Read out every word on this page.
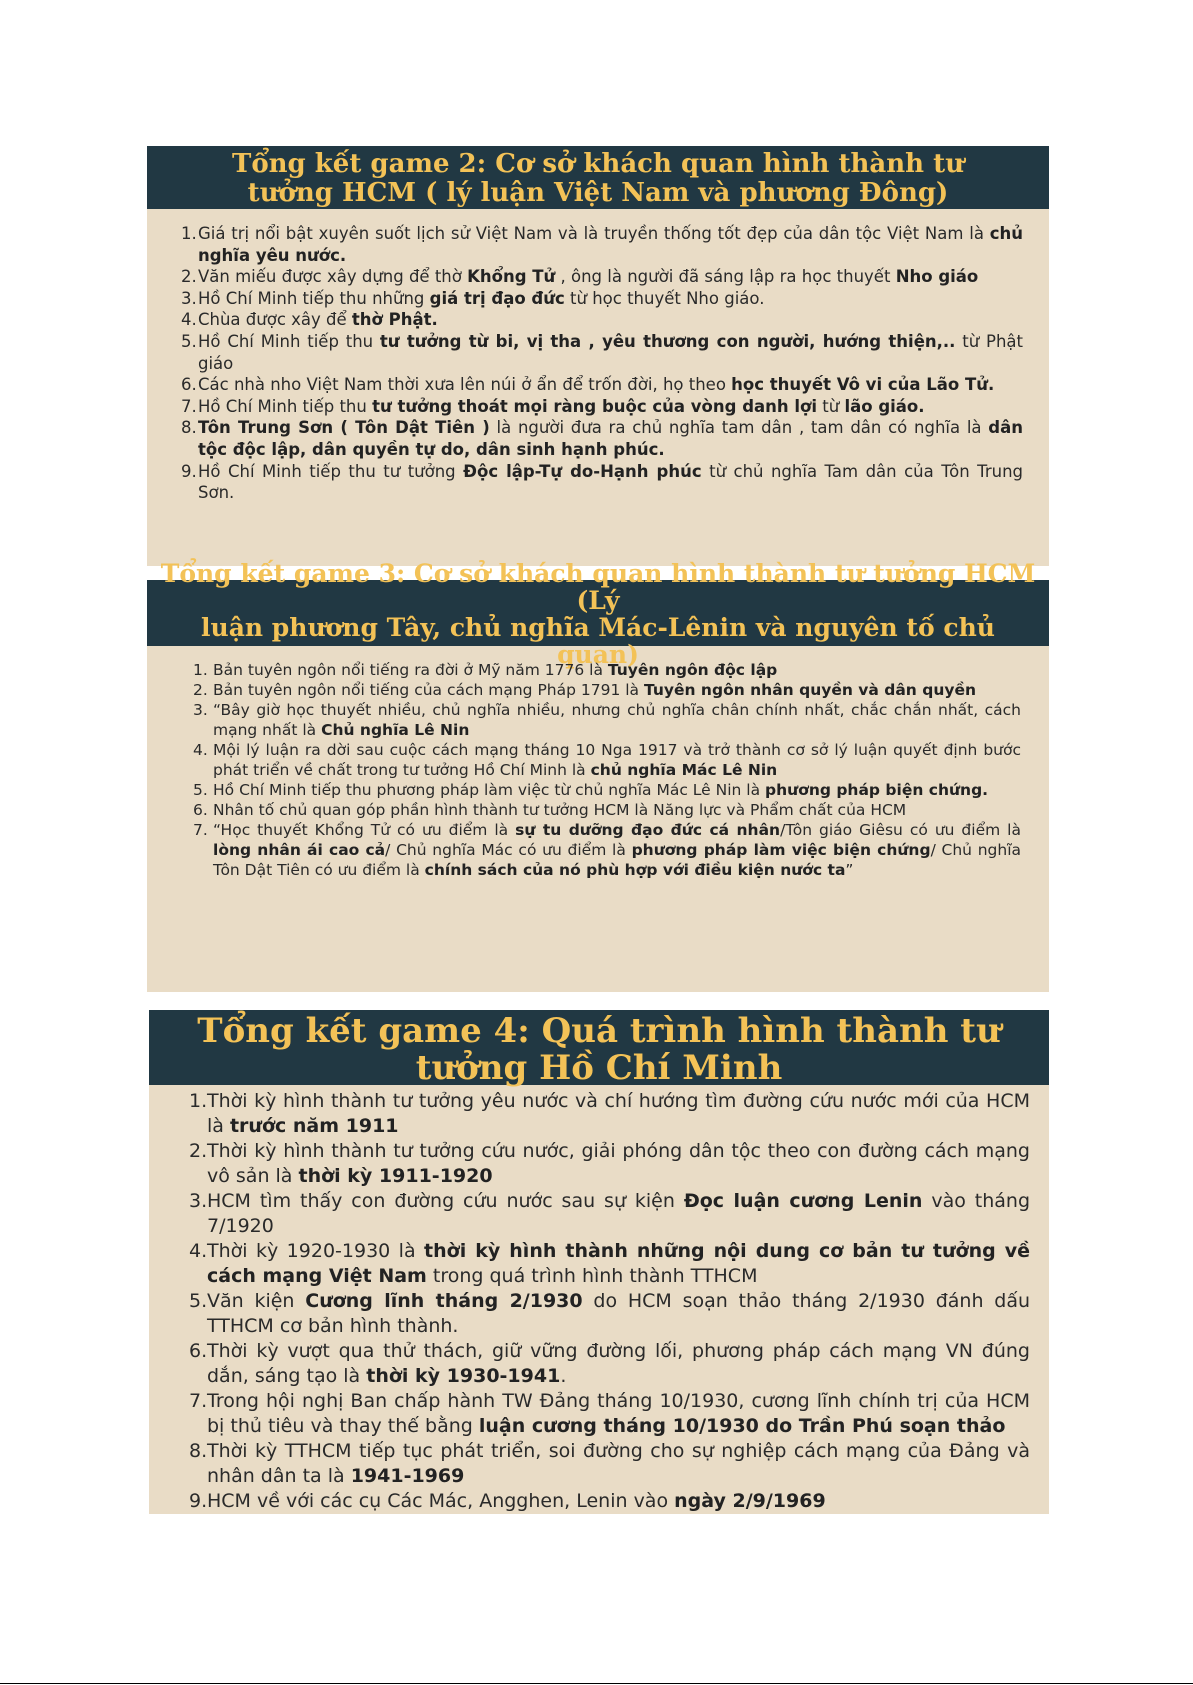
Tổng kết game 2: Cơ sở khách quan hình thành tư
tưởng HCM ( lý luận Việt Nam và phương Đông)
1. Giá trị nổi bật xuyên suốt lịch sử Việt Nam và là truyền thống tốt đẹp của dân tộc Việt Nam là chủ nghĩa yêu nước.
2. Văn miếu được xây dựng để thờ Khổng Tử , ông là người đã sáng lập ra học thuyết Nho giáo
3. Hồ Chí Minh tiếp thu những giá trị đạo đức từ học thuyết Nho giáo.
4. Chùa được xây để thờ Phật.
5. Hồ Chí Minh tiếp thu tư tưởng từ bi, vị tha , yêu thương con người, hướng thiện,.. từ Phật giáo
6. Các nhà nho Việt Nam thời xưa lên núi ở ẩn để trốn đời, họ theo học thuyết Vô vi của Lão Tử.
7. Hồ Chí Minh tiếp thu tư tưởng thoát mọi ràng buộc của vòng danh lợi từ lão giáo.
8. Tôn Trung Sơn ( Tôn Dật Tiên ) là người đưa ra chủ nghĩa tam dân , tam dân có nghĩa là dân tộc độc lập, dân quyền tự do, dân sinh hạnh phúc.
9. Hồ Chí Minh tiếp thu tư tưởng Độc lập-Tự do-Hạnh phúc từ chủ nghĩa Tam dân của Tôn Trung Sơn.
Tổng kết game 3: Cơ sở khách quan hình thành tư tưởng HCM (Lý
luận phương Tây, chủ nghĩa Mác-Lênin và nguyên tố chủ quan)
1. Bản tuyên ngôn nổi tiếng ra đời ở Mỹ năm 1776 là Tuyên ngôn độc lập
2. Bản tuyên ngôn nổi tiếng của cách mạng Pháp 1791 là Tuyên ngôn nhân quyền và dân quyền
3. “Bây giờ học thuyết nhiều, chủ nghĩa nhiều, nhưng chủ nghĩa chân chính nhất, chắc chắn nhất, cách mạng nhất là Chủ nghĩa Lê Nin
4. Mội lý luận ra dời sau cuộc cách mạng tháng 10 Nga 1917 và trở thành cơ sở lý luận quyết định bước phát triển về chất trong tư tưởng Hồ Chí Minh là chủ nghĩa Mác Lê Nin
5. Hồ Chí Minh tiếp thu phương pháp làm việc từ chủ nghĩa Mác Lê Nin là phương pháp biện chứng.
6. Nhân tố chủ quan góp phần hình thành tư tưởng HCM là Năng lực và Phẩm chất của HCM
7. “Học thuyết Khổng Tử có ưu điểm là sự tu dưỡng đạo đức cá nhân/Tôn giáo Giêsu có ưu điểm là lòng nhân ái cao cả/ Chủ nghĩa Mác có ưu điểm là phương pháp làm việc biện chứng/ Chủ nghĩa Tôn Dật Tiên có ưu điểm là chính sách của nó phù hợp với điều kiện nước ta”
Tổng kết game 4: Quá trình hình thành tư
tưởng Hồ Chí Minh
1. Thời kỳ hình thành tư tưởng yêu nước và chí hướng tìm đường cứu nước mới của HCM là trước năm 1911
2. Thời kỳ hình thành tư tưởng cứu nước, giải phóng dân tộc theo con đường cách mạng vô sản là thời kỳ 1911-1920
3. HCM tìm thấy con đường cứu nước sau sự kiện Đọc luận cương Lenin vào tháng 7/1920
4. Thời kỳ 1920-1930 là thời kỳ hình thành những nội dung cơ bản tư tưởng về cách mạng Việt Nam trong quá trình hình thành TTHCM
5. Văn kiện Cương lĩnh tháng 2/1930 do HCM soạn thảo tháng 2/1930 đánh dấu TTHCM cơ bản hình thành.
6. Thời kỳ vượt qua thử thách, giữ vững đường lối, phương pháp cách mạng VN đúng dắn, sáng tạo là thời kỳ 1930-1941.
7. Trong hội nghị Ban chấp hành TW Đảng tháng 10/1930, cương lĩnh chính trị của HCM bị thủ tiêu và thay thế bằng luận cương tháng 10/1930 do Trần Phú soạn thảo
8. Thời kỳ TTHCM tiếp tục phát triển, soi đường cho sự nghiệp cách mạng của Đảng và nhân dân ta là 1941-1969
9. HCM về với các cụ Các Mác, Angghen, Lenin vào ngày 2/9/1969
